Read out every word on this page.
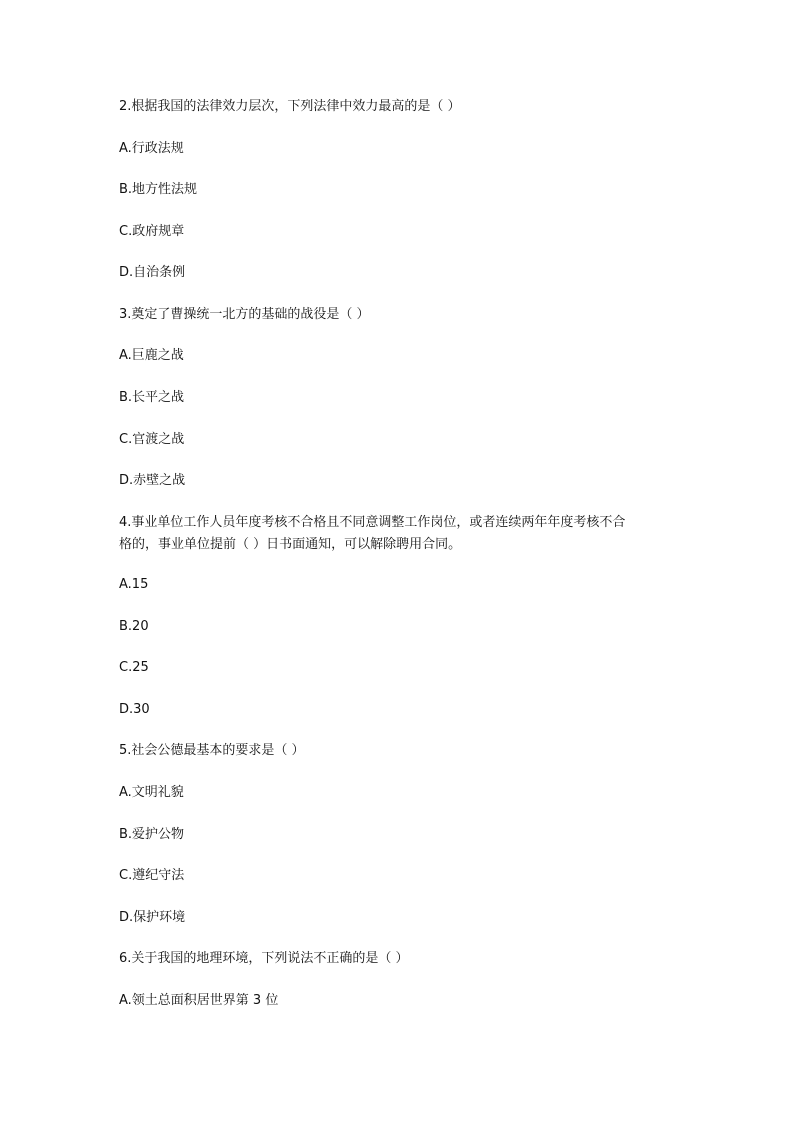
2.根据我国的法律效力层次，下列法律中效力最高的是（ ）
A.行政法规
B.地方性法规
C.政府规章
D.自治条例
3.奠定了曹操统一北方的基础的战役是（ ）
A.巨鹿之战
B.长平之战
C.官渡之战
D.赤壁之战
4.事业单位工作人员年度考核不合格且不同意调整工作岗位，或者连续两年年度考核不合
格的，事业单位提前（ ）日书面通知，可以解除聘用合同。
A.15
B.20
C.25
D.30
5.社会公德最基本的要求是（ ）
A.文明礼貌
B.爱护公物
C.遵纪守法
D.保护环境
6.关于我国的地理环境，下列说法不正确的是（ ）
A.领土总面积居世界第 3 位
